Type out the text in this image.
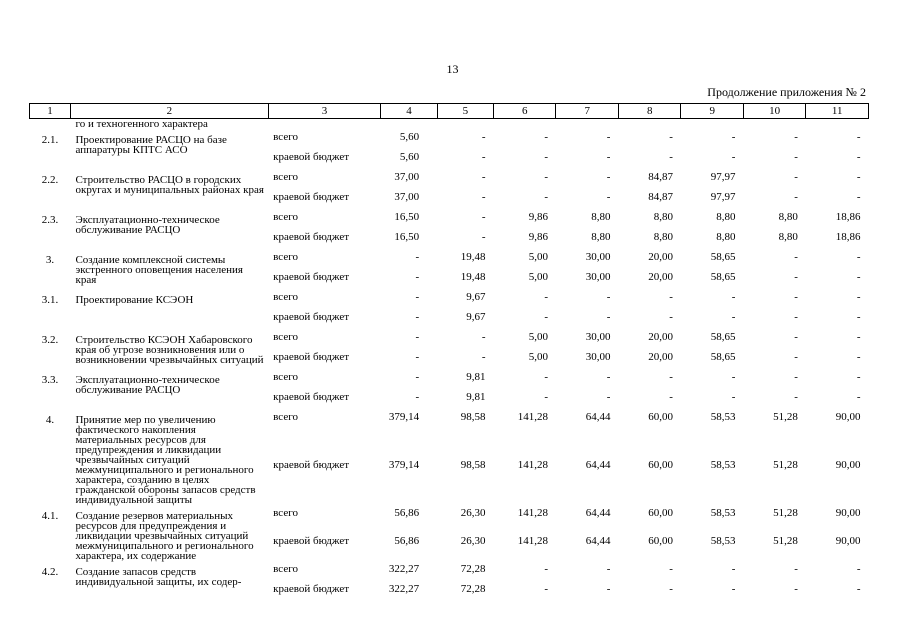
13
Продолжение приложения № 2
1	2	3	4	5	6	7	8	9	10	11
	го и техногенного характера									
2.1.	Проектирование РАСЦО на базе аппаратуры КПТС АСО	всего	5,60	-	-	-	-	-	-	-
		краевой бюджет	5,60	-	-	-	-	-	-	-
2.2.	Строительство РАСЦО в городских округах и муниципальных районах края	всего	37,00	-	-	-	84,87	97,97	-	-
		краевой бюджет	37,00	-	-	-	84,87	97,97	-	-
2.3.	Эксплуатационно-техническое обслуживание РАСЦО	всего	16,50	-	9,86	8,80	8,80	8,80	8,80	18,86
		краевой бюджет	16,50	-	9,86	8,80	8,80	8,80	8,80	18,86
3.	Создание комплексной системы экстренного оповещения населения края	всего	-	19,48	5,00	30,00	20,00	58,65	-	-
		краевой бюджет	-	19,48	5,00	30,00	20,00	58,65	-	-
3.1.	Проектирование КСЭОН	всего	-	9,67	-	-	-	-	-	-
		краевой бюджет	-	9,67	-	-	-	-	-	-
3.2.	Строительство КСЭОН Хабаровского края об угрозе возникновения или о возникновении чрезвычайных ситуаций	всего	-	-	5,00	30,00	20,00	58,65	-	-
		краевой бюджет	-	-	5,00	30,00	20,00	58,65	-	-
3.3.	Эксплуатационно-техническое обслуживание РАСЦО	всего	-	9,81	-	-	-	-	-	-
		краевой бюджет	-	9,81	-	-	-	-	-	-
4.	Принятие мер по увеличению фактического накопления материальных ресурсов для предупреждения и ликвидации чрезвычайных ситуаций межмуниципального и регионального характера, созданию в целях гражданской обороны запасов средств индивидуальной защиты	всего	379,14	98,58	141,28	64,44	60,00	58,53	51,28	90,00
		краевой бюджет	379,14	98,58	141,28	64,44	60,00	58,53	51,28	90,00
4.1.	Создание резервов материальных ресурсов для предупреждения и ликвидации чрезвычайных ситуаций межмуниципального и регионального характера, их содержание	всего	56,86	26,30	141,28	64,44	60,00	58,53	51,28	90,00
		краевой бюджет	56,86	26,30	141,28	64,44	60,00	58,53	51,28	90,00
4.2.	Создание запасов средств индивидуальной защиты, их содер-	всего	322,27	72,28	-	-	-	-	-	-
		краевой бюджет	322,27	72,28	-	-	-	-	-	-
